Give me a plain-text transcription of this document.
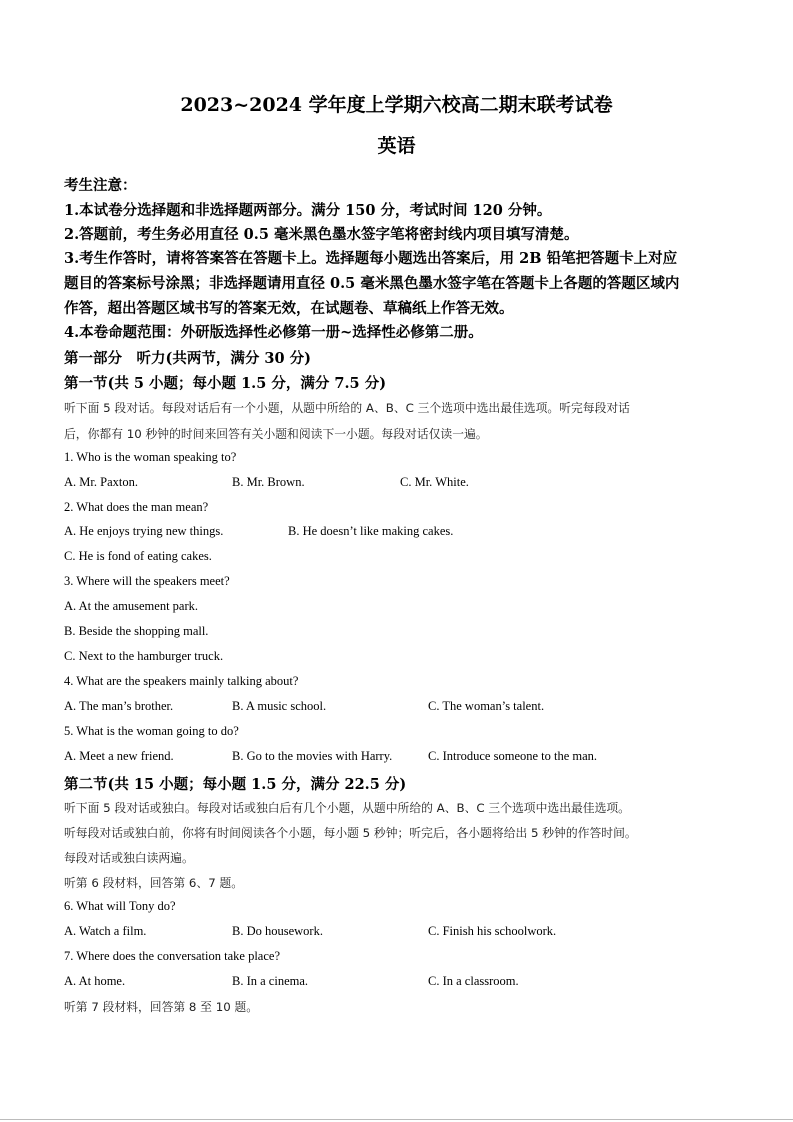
2023~2024 学年度上学期六校高二期末联考试卷
英语
考生注意：
1.本试卷分选择题和非选择题两部分。满分 150 分，考试时间 120 分钟。
2.答题前，考生务必用直径 0.5 毫米黑色墨水签字笔将密封线内项目填写清楚。
3.考生作答时，请将答案答在答题卡上。选择题每小题选出答案后，用 2B 铅笔把答题卡上对应
题目的答案标号涂黑；非选择题请用直径 0.5 毫米黑色墨水签字笔在答题卡上各题的答题区域内
作答，超出答题区域书写的答案无效，在试题卷、草稿纸上作答无效。
4.本卷命题范围：外研版选择性必修第一册~选择性必修第二册。
第一部分　听力(共两节，满分 30 分)
第一节(共 5 小题；每小题 1.5 分，满分 7.5 分)
听下面 5 段对话。每段对话后有一个小题，从题中所给的 A、B、C 三个选项中选出最佳选项。听完每段对话
后，你都有 10 秒钟的时间来回答有关小题和阅读下一小题。每段对话仅读一遍。
1. Who is the woman speaking to?
A. Mr. Paxton.	B. Mr. Brown.	C. Mr. White.
2. What does the man mean?
A. He enjoys trying new things.	B. He doesn’t like making cakes.
C. He is fond of eating cakes.
3. Where will the speakers meet?
A. At the amusement park.
B. Beside the shopping mall.
C. Next to the hamburger truck.
4. What are the speakers mainly talking about?
A. The man’s brother.	B. A music school.	C. The woman’s talent.
5. What is the woman going to do?
A. Meet a new friend.	B. Go to the movies with Harry.	C. Introduce someone to the man.
第二节(共 15 小题；每小题 1.5 分，满分 22.5 分)
听下面 5 段对话或独白。每段对话或独白后有几个小题，从题中所给的 A、B、C 三个选项中选出最佳选项。
听每段对话或独白前，你将有时间阅读各个小题，每小题 5 秒钟；听完后，各小题将给出 5 秒钟的作答时间。
每段对话或独白读两遍。
听第 6 段材料，回答第 6、7 题。
6. What will Tony do?
A. Watch a film.	B. Do housework.	C. Finish his schoolwork.
7. Where does the conversation take place?
A. At home.	B. In a cinema.	C. In a classroom.
听第 7 段材料，回答第 8 至 10 题。
